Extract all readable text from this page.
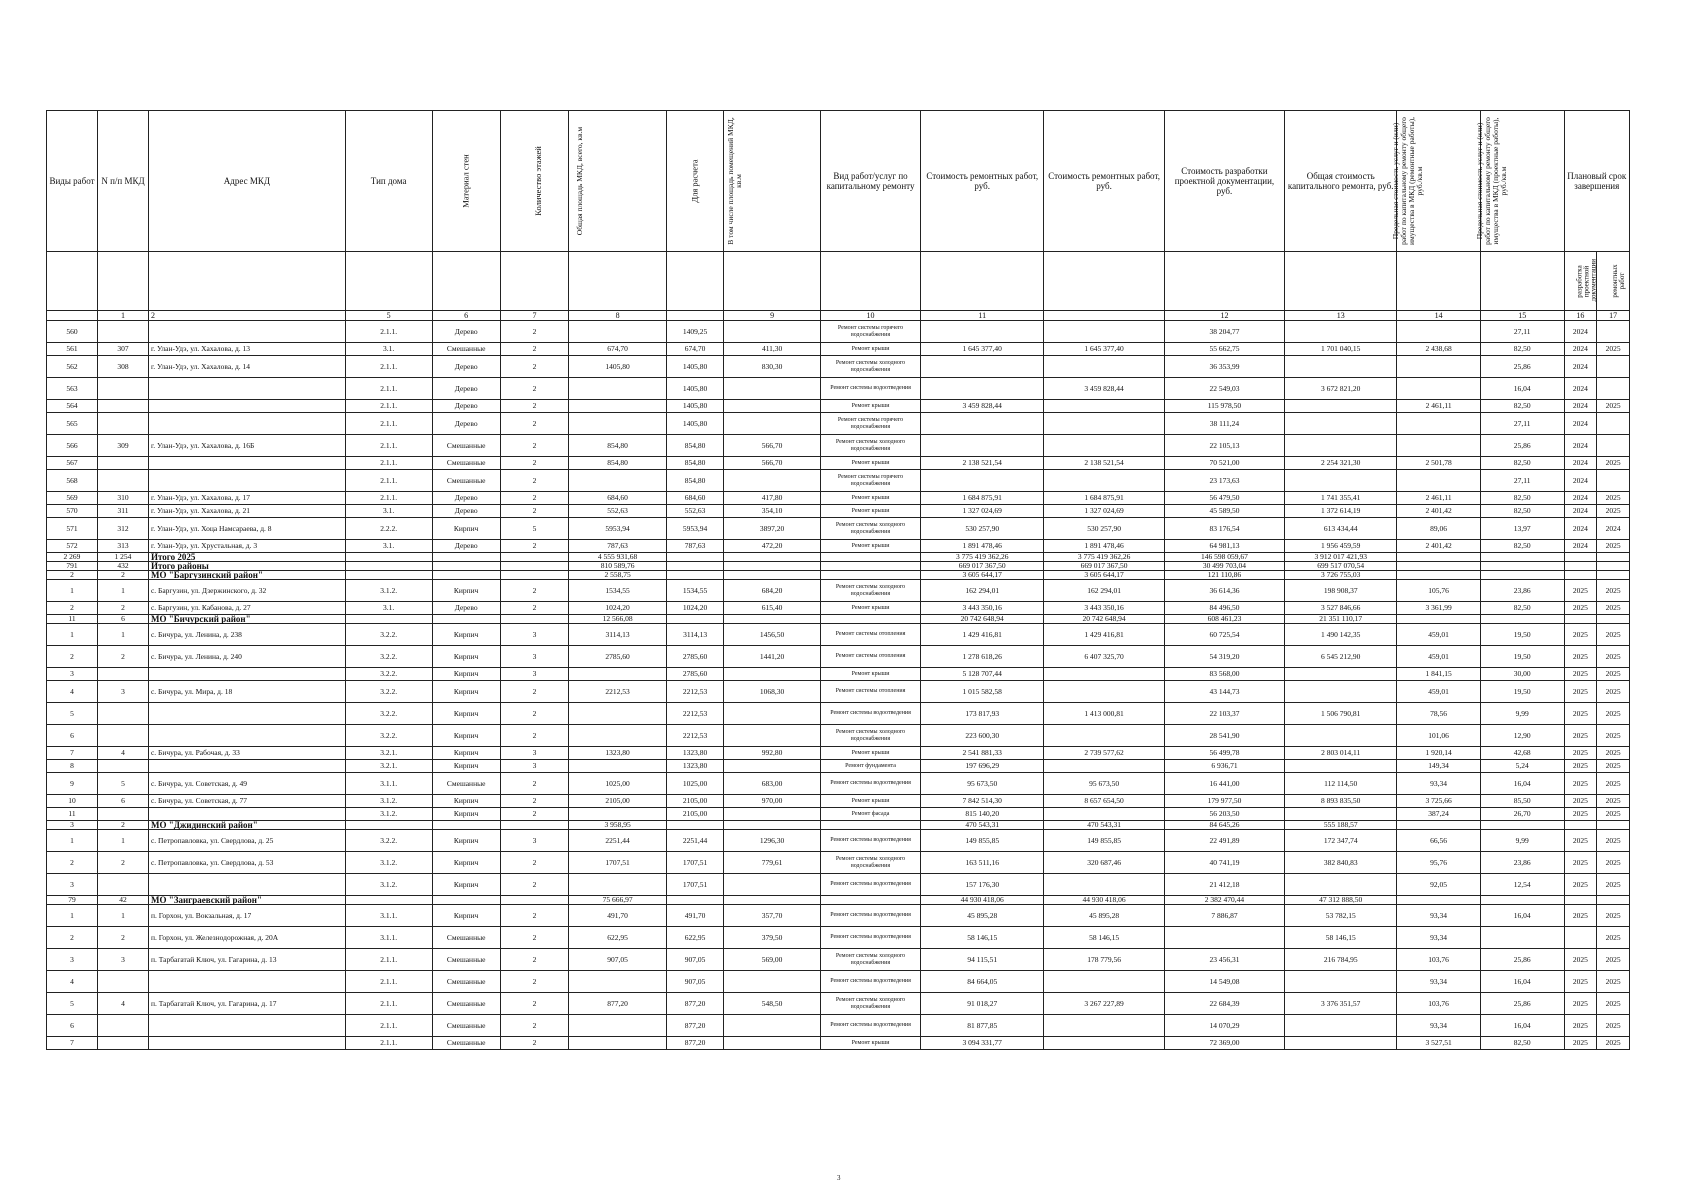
Виды работ	N п/п МКД	Адрес МКД	Тип дома	Материал стен	Количество этажей	Общая площадь МКД, всего, кв.м	Для расчета	В том числе площадь помещений МКД, кв.м	Вид работ/услуг по капитальному ремонту	Стоимость ремонтных работ, руб.	Стоимость ремонтных работ, руб.	Стоимость разработки проектной документации, руб.	Общая стоимость капитального ремонта, руб.	Предельная стоимость услуг и (или) работ по капитальному ремонту общего имущества в МКД (ремонтные работы), руб./кв.м	Предельная стоимость услуг и (или) работ по капитальному ремонту общего имущества в МКД (проектные работы), руб./кв.м	Плановый срок завершения	

																разработка проектной документации	ремонтных работ
	1	2	5	6	7	8		9	10	11		12	13	14	15	16	17
560			2.1.1.	Дерево	2		1409,25		Ремонт системы горячего водоснабжения			38 204,77			27,11	2024	
561	307	г. Улан-Удэ, ул. Хахалова, д. 13	3.1.	Смешанные	2	674,70	674,70	411,30	Ремонт крыши	1 645 377,40	1 645 377,40	55 662,75	1 701 040,15	2 438,68	82,50	2024	2025
562	308	г. Улан-Удэ, ул. Хахалова, д. 14	2.1.1.	Дерево	2	1405,80	1405,80	830,30	Ремонт системы холодного водоснабжения			36 353,99			25,86	2024	
563			2.1.1.	Дерево	2		1405,80		Ремонт системы водоотведения		3 459 828,44	22 549,03	3 672 821,20		16,04	2024	
564			2.1.1.	Дерево	2		1405,80		Ремонт крыши	3 459 828,44		115 978,50		2 461,11	82,50	2024	2025
565			2.1.1.	Дерево	2		1405,80		Ремонт системы горячего водоснабжения			38 111,24			27,11	2024	
566	309	г. Улан-Удэ, ул. Хахалова, д. 16Б	2.1.1.	Смешанные	2	854,80	854,80	566,70	Ремонт системы холодного водоснабжения			22 105,13			25,86	2024	
567			2.1.1.	Смешанные	2	854,80	854,80	566,70	Ремонт крыши	2 138 521,54	2 138 521,54	70 521,00	2 254 321,30	2 501,78	82,50	2024	2025
568			2.1.1.	Смешанные	2		854,80		Ремонт системы горячего водоснабжения			23 173,63			27,11	2024	
569	310	г. Улан-Удэ, ул. Хахалова, д. 17	2.1.1.	Дерево	2	684,60	684,60	417,80	Ремонт крыши	1 684 875,91	1 684 875,91	56 479,50	1 741 355,41	2 461,11	82,50	2024	2025
570	311	г. Улан-Удэ, ул. Хахалова, д. 21	3.1.	Дерево	2	552,63	552,63	354,10	Ремонт крыши	1 327 024,69	1 327 024,69	45 589,50	1 372 614,19	2 401,42	82,50	2024	2025
571	312	г. Улан-Удэ, ул. Хоца Намсараева, д. 8	2.2.2.	Кирпич	5	5953,94	5953,94	3897,20	Ремонт системы холодного водоснабжения	530 257,90	530 257,90	83 176,54	613 434,44	89,06	13,97	2024	2024
572	313	г. Улан-Удэ, ул. Хрустальная, д. 3	3.1.	Дерево	2	787,63	787,63	472,20	Ремонт крыши	1 891 478,46	1 891 478,46	64 981,13	1 956 459,59	2 401,42	82,50	2024	2025
2 269	1 254	Итого 2025				4 555 931,68				3 775 419 362,26	3 775 419 362,26	146 598 059,67	3 912 017 421,93				
791	432	Итого районы				810 589,76				669 017 367,50	669 017 367,50	30 499 703,04	699 517 070,54				
2	2	МО "Баргузинский район"				2 558,75				3 605 644,17	3 605 644,17	121 110,86	3 726 755,03				
1	1	с. Баргузин, ул. Дзержинского, д. 32	3.1.2.	Кирпич	2	1534,55	1534,55	684,20	Ремонт системы холодного водоснабжения	162 294,01	162 294,01	36 614,36	198 908,37	105,76	23,86	2025	2025
2	2	с. Баргузин, ул. Кабанова, д. 27	3.1.	Дерево	2	1024,20	1024,20	615,40	Ремонт крыши	3 443 350,16	3 443 350,16	84 496,50	3 527 846,66	3 361,99	82,50	2025	2025
11	6	МО "Бичурский район"				12 566,08				20 742 648,94	20 742 648,94	608 461,23	21 351 110,17				
1	1	с. Бичура, ул. Ленина, д. 238	3.2.2.	Кирпич	3	3114,13	3114,13	1456,50	Ремонт системы отопления	1 429 416,81	1 429 416,81	60 725,54	1 490 142,35	459,01	19,50	2025	2025
2	2	с. Бичура, ул. Ленина, д. 240	3.2.2.	Кирпич	3	2785,60	2785,60	1441,20	Ремонт системы отопления	1 278 618,26	6 407 325,70	54 319,20	6 545 212,90	459,01	19,50	2025	2025
3			3.2.2.	Кирпич	3		2785,60		Ремонт крыши	5 128 707,44		83 568,00		1 841,15	30,00	2025	2025
4	3	с. Бичура, ул. Мира, д. 18	3.2.2.	Кирпич	2	2212,53	2212,53	1068,30	Ремонт системы отопления	1 015 582,58		43 144,73		459,01	19,50	2025	2025
5			3.2.2.	Кирпич	2		2212,53		Ремонт системы водоотведения	173 817,93	1 413 000,81	22 103,37	1 506 790,81	78,56	9,99	2025	2025
6			3.2.2.	Кирпич	2		2212,53		Ремонт системы холодного водоснабжения	223 600,30		28 541,90		101,06	12,90	2025	2025
7	4	с. Бичура, ул. Рабочая, д. 33	3.2.1.	Кирпич	3	1323,80	1323,80	992,80	Ремонт крыши	2 541 881,33	2 739 577,62	56 499,78	2 803 014,11	1 920,14	42,68	2025	2025
8			3.2.1.	Кирпич	3		1323,80		Ремонт фундамента	197 696,29		6 936,71		149,34	5,24	2025	2025
9	5	с. Бичура, ул. Советская, д. 49	3.1.1.	Смешанные	2	1025,00	1025,00	683,00	Ремонт системы водоотведения	95 673,50	95 673,50	16 441,00	112 114,50	93,34	16,04	2025	2025
10	6	с. Бичура, ул. Советская, д. 77	3.1.2.	Кирпич	2	2105,00	2105,00	970,00	Ремонт крыши	7 842 514,30	8 657 654,50	179 977,50	8 893 835,50	3 725,66	85,50	2025	2025
11			3.1.2.	Кирпич	2		2105,00		Ремонт фасада	815 140,20		56 203,50		387,24	26,70	2025	2025
3	2	МО "Джидинский район"				3 958,95				470 543,31	470 543,31	84 645,26	555 188,57				
1	1	с. Петропавловка, ул. Свердлова, д. 25	3.2.2.	Кирпич	3	2251,44	2251,44	1296,30	Ремонт системы водоотведения	149 855,85	149 855,85	22 491,89	172 347,74	66,56	9,99	2025	2025
2	2	с. Петропавловка, ул. Свердлова, д. 53	3.1.2.	Кирпич	2	1707,51	1707,51	779,61	Ремонт системы холодного водоснабжения	163 511,16	320 687,46	40 741,19	382 840,83	95,76	23,86	2025	2025
3			3.1.2.	Кирпич	2		1707,51		Ремонт системы водоотведения	157 176,30		21 412,18		92,05	12,54	2025	2025
79	42	МО "Заиграевский район"				75 666,97				44 930 418,06	44 930 418,06	2 382 470,44	47 312 888,50				
1	1	п. Горхон, ул. Вокзальная, д. 17	3.1.1.	Кирпич	2	491,70	491,70	357,70	Ремонт системы водоотведения	45 895,28	45 895,28	7 886,87	53 782,15	93,34	16,04	2025	2025
2	2	п. Горхон, ул. Железнодорожная, д. 20А	3.1.1.	Смешанные	2	622,95	622,95	379,50	Ремонт системы водоотведения	58 146,15	58 146,15		58 146,15	93,34			2025
3	3	п. Тарбагатай Ключ, ул. Гагарина, д. 13	2.1.1.	Смешанные	2	907,05	907,05	569,00	Ремонт системы холодного водоснабжения	94 115,51	178 779,56	23 456,31	216 784,95	103,76	25,86	2025	2025
4			2.1.1.	Смешанные	2		907,05		Ремонт системы водоотведения	84 664,05		14 549,08		93,34	16,04	2025	2025
5	4	п. Тарбагатай Ключ, ул. Гагарина, д. 17	2.1.1.	Смешанные	2	877,20	877,20	548,50	Ремонт системы холодного водоснабжения	91 018,27	3 267 227,89	22 684,39	3 376 351,57	103,76	25,86	2025	2025
6			2.1.1.	Смешанные	2		877,20		Ремонт системы водоотведения	81 877,85		14 070,29		93,34	16,04	2025	2025
7			2.1.1.	Смешанные	2		877,20		Ремонт крыши	3 094 331,77		72 369,00		3 527,51	82,50	2025	2025
3
